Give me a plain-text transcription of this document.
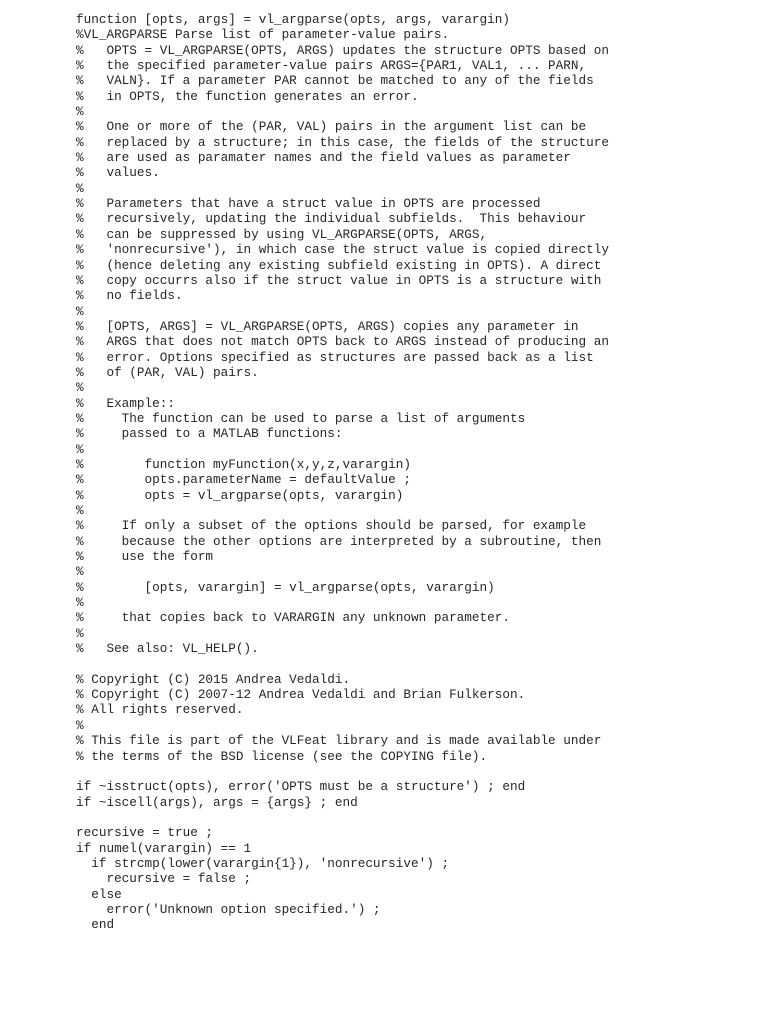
function [opts, args] = vl_argparse(opts, args, varargin)
%VL_ARGPARSE Parse list of parameter-value pairs.
%   OPTS = VL_ARGPARSE(OPTS, ARGS) updates the structure OPTS based on
%   the specified parameter-value pairs ARGS={PAR1, VAL1, ... PARN,
%   VALN}. If a parameter PAR cannot be matched to any of the fields
%   in OPTS, the function generates an error.
%
%   One or more of the (PAR, VAL) pairs in the argument list can be
%   replaced by a structure; in this case, the fields of the structure
%   are used as paramater names and the field values as parameter
%   values.
%
%   Parameters that have a struct value in OPTS are processed
%   recursively, updating the individual subfields.  This behaviour
%   can be suppressed by using VL_ARGPARSE(OPTS, ARGS,
%   'nonrecursive'), in which case the struct value is copied directly
%   (hence deleting any existing subfield existing in OPTS). A direct
%   copy occurrs also if the struct value in OPTS is a structure with
%   no fields.
%
%   [OPTS, ARGS] = VL_ARGPARSE(OPTS, ARGS) copies any parameter in
%   ARGS that does not match OPTS back to ARGS instead of producing an
%   error. Options specified as structures are passed back as a list
%   of (PAR, VAL) pairs.
%
%   Example::
%     The function can be used to parse a list of arguments
%     passed to a MATLAB functions:
%
%        function myFunction(x,y,z,varargin)
%        opts.parameterName = defaultValue ;
%        opts = vl_argparse(opts, varargin)
%
%     If only a subset of the options should be parsed, for example
%     because the other options are interpreted by a subroutine, then
%     use the form
%
%        [opts, varargin] = vl_argparse(opts, varargin)
%
%     that copies back to VARARGIN any unknown parameter.
%
%   See also: VL_HELP().
% Copyright (C) 2015 Andrea Vedaldi.
% Copyright (C) 2007-12 Andrea Vedaldi and Brian Fulkerson.
% All rights reserved.
%
% This file is part of the VLFeat library and is made available under
% the terms of the BSD license (see the COPYING file).
if ~isstruct(opts), error('OPTS must be a structure') ; end
if ~iscell(args), args = {args} ; end
recursive = true ;
if numel(varargin) == 1
if strcmp(lower(varargin{1}), 'nonrecursive') ;
recursive = false ;
else
error('Unknown option specified.') ;
end
